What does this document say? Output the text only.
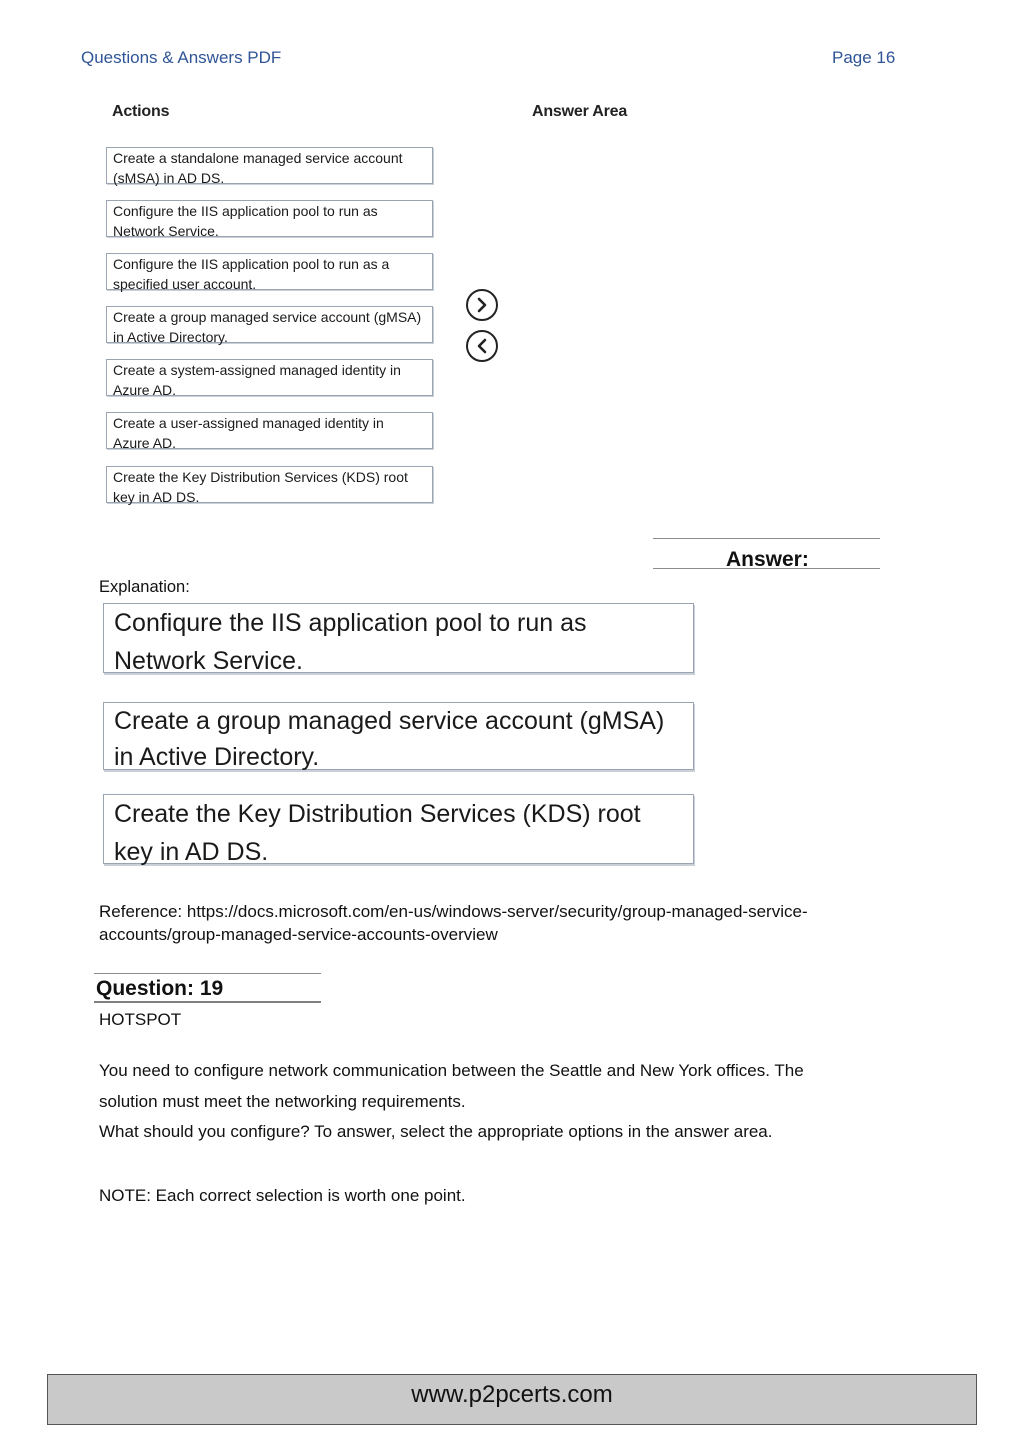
Questions & Answers PDF	Page 16
Actions	Answer Area
Create a standalone managed service account
(sMSA) in AD DS.
Configure the IIS application pool to run as
Network Service.
Configure the IIS application pool to run as a
specified user account.
Create a group managed service account (gMSA)
in Active Directory.
Create a system-assigned managed identity in
Azure AD.
Create a user-assigned managed identity in
Azure AD.
Create the Key Distribution Services (KDS) root
key in AD DS.
Answer:
Explanation:
Confiqure the IIS application pool to run as
Network Service.
Create a group managed service account (gMSA)
in Active Directory.
Create the Key Distribution Services (KDS) root
key in AD DS.
Reference: https://docs.microsoft.com/en-us/windows-server/security/group-managed-service-
accounts/group-managed-service-accounts-overview
Question: 19
HOTSPOT
You need to configure network communication between the Seattle and New York offices. The
solution must meet the networking requirements.
What should you configure? To answer, select the appropriate options in the answer area.
NOTE: Each correct selection is worth one point.
www.p2pcerts.com
